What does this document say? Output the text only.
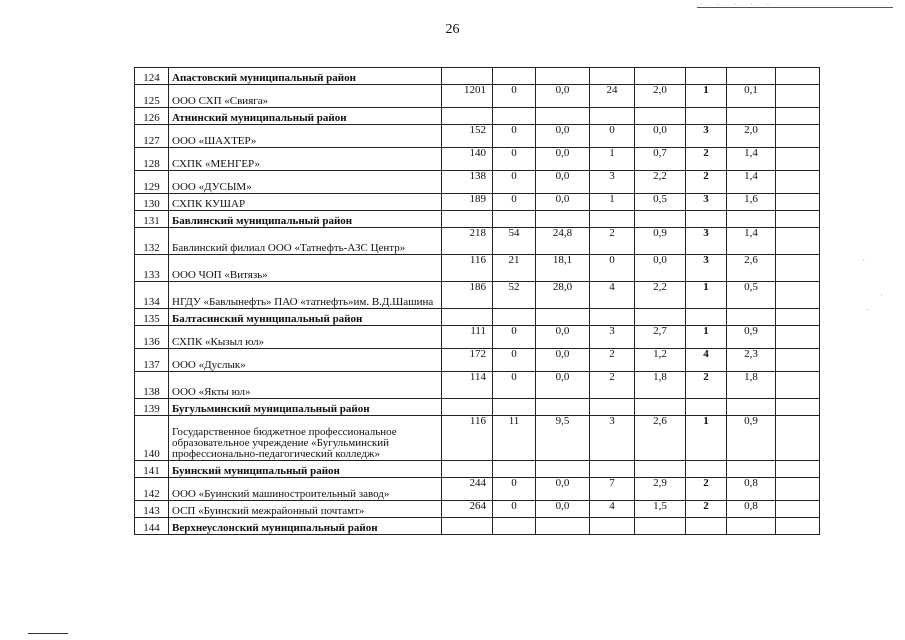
· · · · ·
26
·
·
·
124	Апастовский муниципальный район								
125	ООО СХП «Свияга»	1201	0	0,0	24	2,0	1	0,1	
126	Атнинский муниципальный район								
127	ООО «ШАХТЕР»	152	0	0,0	0	0,0	3	2,0	
128	СХПК «МЕНГЕР»	140	0	0,0	1	0,7	2	1,4	
129	ООО «ДУСЫМ»	138	0	0,0	3	2,2	2	1,4	
130	СХПК КУШАР	189	0	0,0	1	0,5	3	1,6	
131	Бавлинский муниципальный район								
132	Бавлинский филиал ООО «Татнефть-АЗС Центр»	218	54	24,8	2	0,9	3	1,4	
133	ООО ЧОП «Витязь»	116	21	18,1	0	0,0	3	2,6	
134	НГДУ «Бавлынефть» ПАО «татнефть»им. В.Д.Шашина	186	52	28,0	4	2,2	1	0,5	
135	Балтасинский муниципальный район								
136	СХПК «Кызыл юл»	111	0	0,0	3	2,7	1	0,9	
137	ООО «Дуслык»	172	0	0,0	2	1,2	4	2,3	
138	ООО «Якты юл»	114	0	0,0	2	1,8	2	1,8	
139	Бугульминский муниципальный район								
140	Государственное бюджетное профессиональное образовательное учреждение «Бугульминский профессионально-педагогический колледж»	116	11	9,5	3	2,6	1	0,9	
141	Буинский муниципальный район								
142	ООО «Буинский машиностроительный завод»	244	0	0,0	7	2,9	2	0,8	
143	ОСП «Буинский межрайонный почтамт»	264	0	0,0	4	1,5	2	0,8	
144	Верхнеуслонский муниципальный район								
